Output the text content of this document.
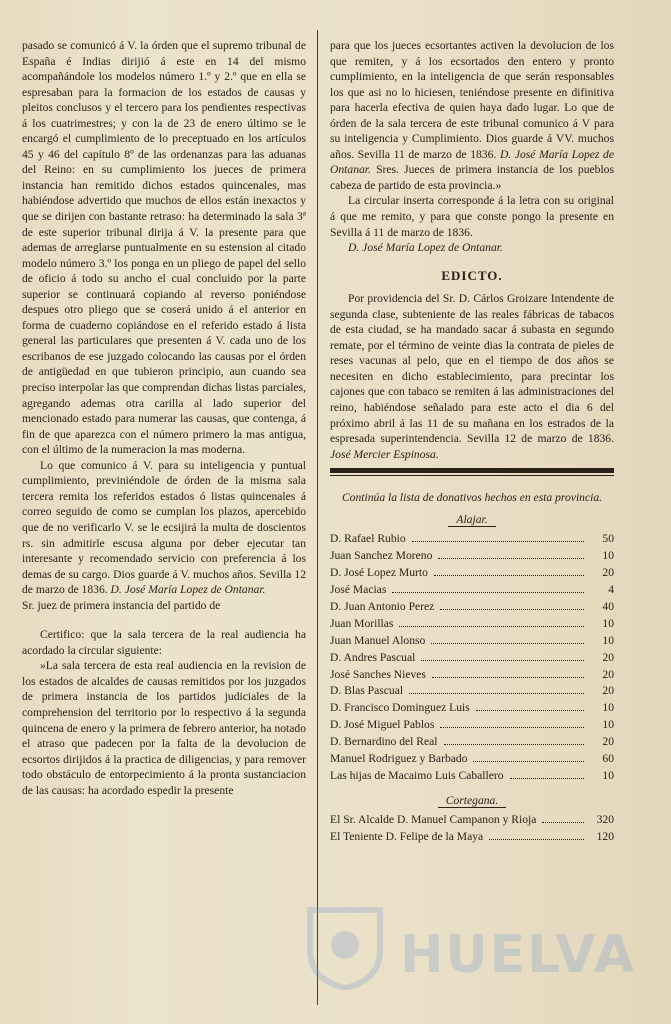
pasado se comunicó á V. la órden que el supremo tribunal de España é Indias dirijió á este en 14 del mismo acompañándole los modelos número 1.º y 2.º que en ella se espresaban para la formacion de los estados de causas y pleitos conclusos y el tercero para los pendientes respectivas á los cuatrimestres; y con la de 23 de enero último se le encargó el cumplimiento de lo preceptuado en los artículos 45 y 46 del capítulo 8º de las ordenanzas para las aduanas del Reino: en su cumplimiento los jueces de primera instancia han remitido dichos estados quincenales, mas habiéndose advertido que muchos de ellos están inexactos y que se dirijen con bastante retraso: ha determinado la sala 3ª de este superior tribunal dirija á V. la presente para que ademas de arreglarse puntualmente en su estension al citado modelo número 3.º los ponga en un pliego de papel del sello de oficio á todo su ancho el cual concluido por la parte superior se continuará copiando al reverso poniéndose despues otro pliego que se coserá unido á el anterior en forma de cuaderno copiándose en el referido estado á lista general las particulares que presenten á V. cada uno de los escribanos de ese juzgado colocando las causas por el órden de antigüedad en que tubieron principio, aun cuando sea preciso interpolar las que comprendan dichas listas parciales, agregando ademas otra carilla al lado superior del mencionado estado para numerar las causas, que contenga, á fin de que aparezca con el número primero la mas antigua, con el último de la numeracion la mas moderna.

Lo que comunico á V. para su inteligencia y puntual cumplimiento, previniéndole de órden de la misma sala tercera remita los referidos estados ó listas quincenales á correo seguido de como se cumplan los plazos, apercebido que de no verificarlo V. se le ecsijirá la multa de doscientos rs. sin admitirle escusa alguna por deber ejecutar tan interesante y recomendado servicio con preferencia á los demas de su cargo. Dios guarde á V. muchos años. Sevilla 12 de marzo de 1836. D. José María Lopez de Ontanar.

Sr. juez de primera instancia del partido de

Certifico: que la sala tercera de la real audiencia ha acordado la circular siguiente:

»La sala tercera de esta real audiencia en la revision de los estados de alcaldes de causas remitidos por los juzgados de primera instancia de los partidos judiciales de la comprehension del territorio por lo respectivo á la segunda quincena de enero y la primera de febrero anterior, ha notado el atraso que padecen por la falta de la devolucion de ecsortos dirijidos á la practica de diligencias, y para remover todo obstáculo de entorpecimiento á la pronta sustanciacion de las causas: ha acordado espedir la presente

para que los jueces ecsortantes activen la devolucion de los que remiten, y á los ecsortados den entero y pronto cumplimiento, en la inteligencia de que serán responsables los que asi no lo hiciesen, teniéndose presente en difinitiva para hacerla efectiva de quien haya dado lugar. Lo que de órden de la sala tercera de este tribunal comunico á V para su inteligencia y Cumplimiento. Dios guarde á VV. muchos años. Sevilla 11 de marzo de 1836. D. José María Lopez de Ontanar. Sres. Jueces de primera instancia de los pueblos cabeza de partido de esta provincia.»

La circular inserta corresponde á la letra con su original á que me remito, y para que conste pongo la presente en Sevilla á 11 de marzo de 1836.

D. José María Lopez de Ontanar.

EDICTO.

Por providencia del Sr. D. Cárlos Groizare Intendente de segunda clase, subteniente de las reales fábricas de tabacos de esta ciudad, se ha mandado sacar á subasta en segundo remate, por el término de veinte dias la contrata de pieles de reses vacunas al pelo, que en el tiempo de dos años se necesiten en dicho establecimiento, para precintar los cajones que con tabaco se remiten á las administraciones del reino, habiéndose señalado para este acto el dia 6 del próximo abril á las 11 de su mañana en los estrados de la espresada superintendencia. Sevilla 12 de marzo de 1836. José Mercier Espinosa.

Continúa la lista de donativos hechos en esta provincia.
Alajar.
D. Rafael Rubio	50
Juan Sanchez Moreno	10
D. José Lopez Murto	20
José Macias	4
D. Juan Antonio Perez	40
Juan Morillas	10
Juan Manuel Alonso	10
D. Andres Pascual	20
José Sanches Nieves	20
D. Blas Pascual	20
D. Francisco Dominguez Luis	10
D. José Miguel Pablos	10
D. Bernardino del Real	20
Manuel Rodriguez y Barbado	60
Las hijas de Macaimo Luis Caballero	10
Cortegana.
El Sr. Alcalde D. Manuel Campanon y Rioja	320
El Teniente D. Felipe de la Maya	120
HUELVA
